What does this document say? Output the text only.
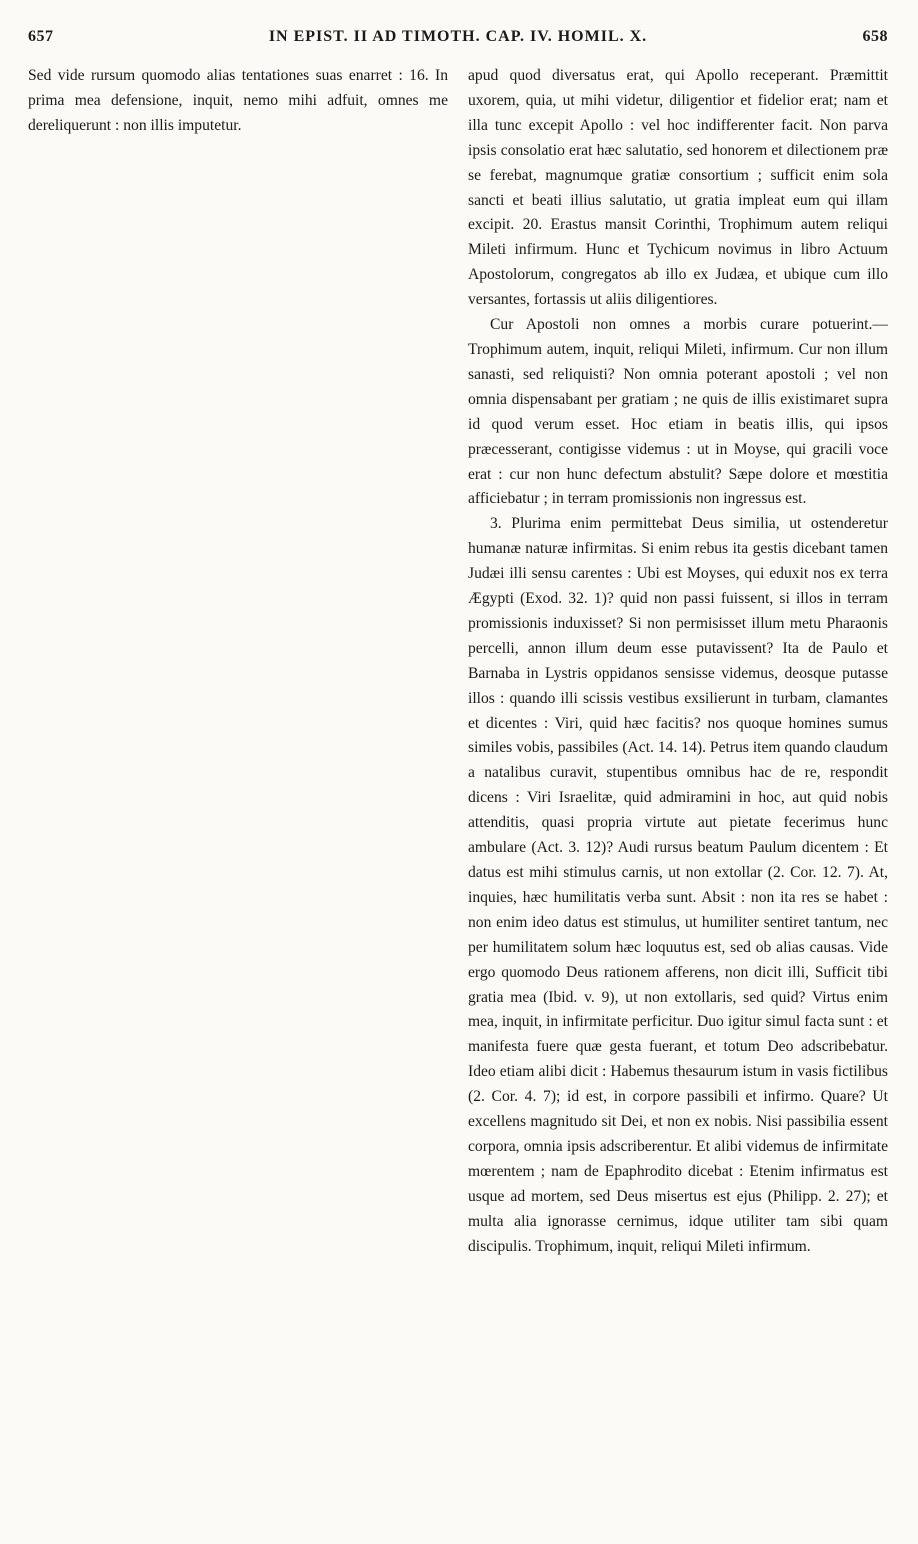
657	IN EPIST. II AD TIMOTH. CAP. IV. HOMIL. X.	658

Sed vide rursum quomodo alias tentationes suas enarret : 16. In prima mea defensione, inquit, nemo mihi adfuit, omnes me dereliquerunt : non illis imputetur.

apud quod diversatus erat, qui Apollo receperant. Præmittit uxorem, quia, ut mihi videtur, diligentior et fidelior erat; nam et illa tunc excepit Apollo : vel hoc indifferenter facit. Non parva ipsis consolatio erat hæc salutatio, sed honorem et dilectionem præ se ferebat, magnumque gratiæ consortium ; sufficit enim sola sancti et beati illius salutatio, ut gratia impleat eum qui illam excipit. 20. Erastus mansit Corinthi, Trophimum autem reliqui Mileti infirmum. Hunc et Tychicum novimus in libro Actuum Apostolorum, congregatos ab illo ex Judæa, et ubique cum illo versantes, fortassis ut aliis diligentiores.

Cur Apostoli non omnes a morbis curare potuerint.— Trophimum autem, inquit, reliqui Mileti, infirmum. Cur non illum sanasti, sed reliquisti? Non omnia poterant apostoli ; vel non omnia dispensabant per gratiam ; ne quis de illis existimaret supra id quod verum esset. Hoc etiam in beatis illis, qui ipsos præcesserant, contigisse videmus : ut in Moyse, qui gracili voce erat : cur non hunc defectum abstulit? Sæpe dolore et mœstitia afficiebatur ; in terram promissionis non ingressus est.

3. Plurima enim permittebat Deus similia, ut ostenderetur humanæ naturæ infirmitas. Si enim rebus ita gestis dicebant tamen Judæi illi sensu carentes : Ubi est Moyses, qui eduxit nos ex terra Ægypti (Exod. 32. 1)? quid non passi fuissent, si illos in terram promissionis induxisset? Si non permisisset illum metu Pharaonis percelli, annon illum deum esse putavissent? Ita de Paulo et Barnaba in Lystris oppidanos sensisse videmus, deosque putasse illos : quando illi scissis vestibus exsilierunt in turbam, clamantes et dicentes : Viri, quid hæc facitis? nos quoque homines sumus similes vobis, passibiles (Act. 14. 14). Petrus item quando claudum a natalibus curavit, stupentibus omnibus hac de re, respondit dicens : Viri Israelitæ, quid admiramini in hoc, aut quid nobis attenditis, quasi propria virtute aut pietate fecerimus hunc ambulare (Act. 3. 12)? Audi rursus beatum Paulum dicentem : Et datus est mihi stimulus carnis, ut non extollar (2. Cor. 12. 7). At, inquies, hæc humilitatis verba sunt. Absit : non ita res se habet : non enim ideo datus est stimulus, ut humiliter sentiret tantum, nec per humilitatem solum hæc loquutus est, sed ob alias causas. Vide ergo quomodo Deus rationem afferens, non dicit illi, Sufficit tibi gratia mea (Ibid. v. 9), ut non extollaris, sed quid? Virtus enim mea, inquit, in infirmitate perficitur. Duo igitur simul facta sunt : et manifesta fuere quæ gesta fuerant, et totum Deo adscribebatur. Ideo etiam alibi dicit : Habemus thesaurum istum in vasis fictilibus (2. Cor. 4. 7); id est, in corpore passibili et infirmo. Quare? Ut excellens magnitudo sit Dei, et non ex nobis. Nisi passibilia essent corpora, omnia ipsis adscriberentur. Et alibi videmus de infirmitate mœrentem ; nam de Epaphrodito dicebat : Etenim infirmatus est usque ad mortem, sed Deus misertus est ejus (Philipp. 2. 27); et multa alia ignorasse cernimus, idque utiliter tam sibi quam discipulis. Trophimum, inquit, reliqui Mileti infirmum.
